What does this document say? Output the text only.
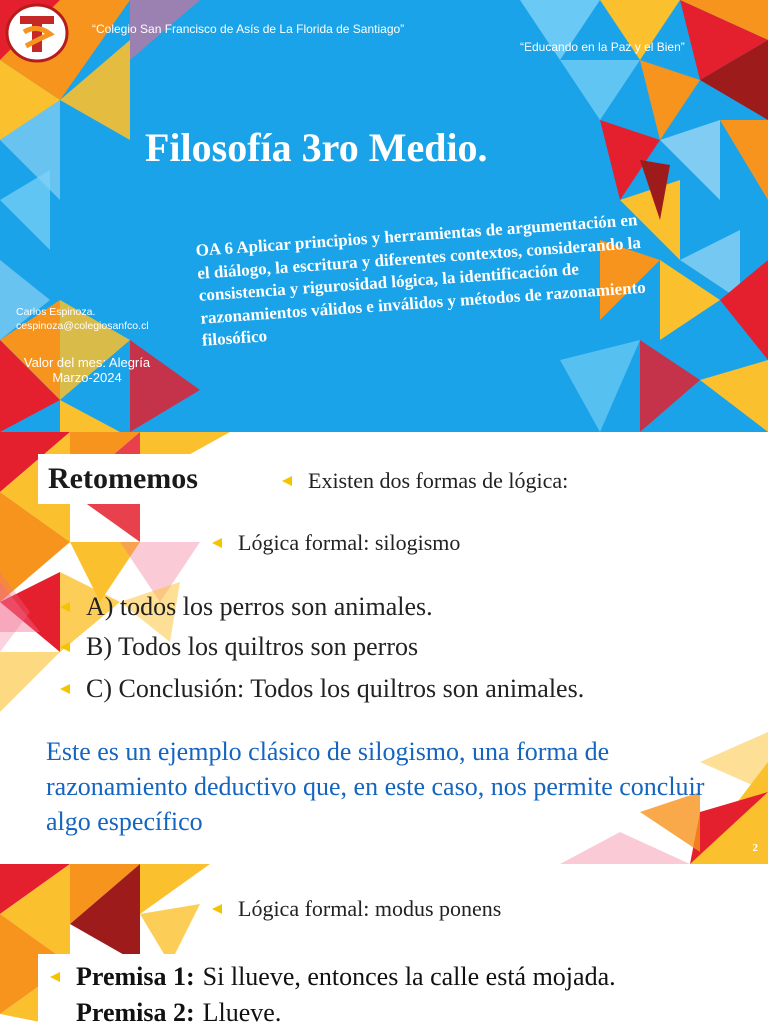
“Colegio San Francisco de Asís de La Florida de Santiago”
“Educando en la Paz y el Bien”
Filosofía 3ro Medio.
OA 6 Aplicar principios y herramientas de argumentación en el diálogo, la escritura y diferentes contextos, considerando la consistencia y rigurosidad lógica, la identificación de razonamientos válidos e inválidos y métodos de razonamiento filosófico
Carlos Espinoza.
cespinoza@colegiosanfco.cl
Valor del mes: Alegría
Marzo-2024
Retomemos	Existen dos formas de lógica:
Lógica formal: silogismo
A) todos los perros son animales.
B) Todos los quiltros son perros
C) Conclusión: Todos los quiltros son animales.
Este es un ejemplo clásico de silogismo, una forma de razonamiento deductivo que, en este caso, nos permite concluir algo específico
2
Lógica formal: modus ponens
Premisa 1: Si llueve, entonces la calle está mojada.
Premisa 2: Llueve.
